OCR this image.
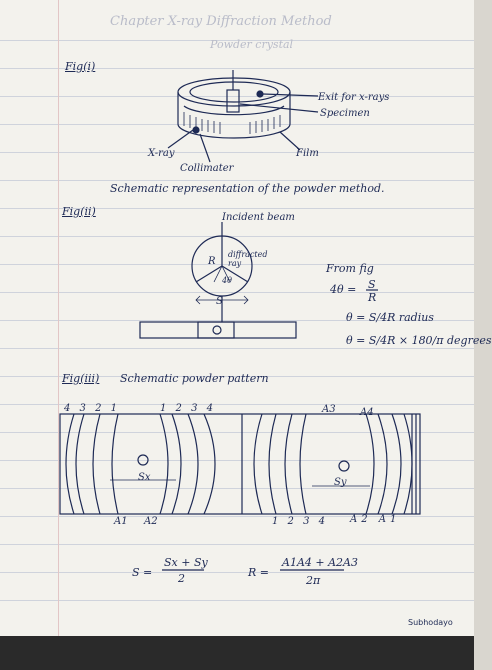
Chapter X-ray Diffraction Method
Powder crystal
Fig(i)
Exit for x-rays
Specimen
X-ray	Film
Collimater
Schematic representation of the powder method.
Fig(ii)	Incident beam
diffracted ray
R
S
4θ
From fig
4θ = S
R
θ = S/4R radius
θ = S/4R × 180/π degrees
Fig(iii) Schematic powder pattern
4 3 2 1	1 2 3 4	A3 A4
Sx	Sy
A1 A2	1 2 3 4 A2 A1
S =
Sx + Sy
2	R =
A1A4 + A2A3
2π
Subhodayo
